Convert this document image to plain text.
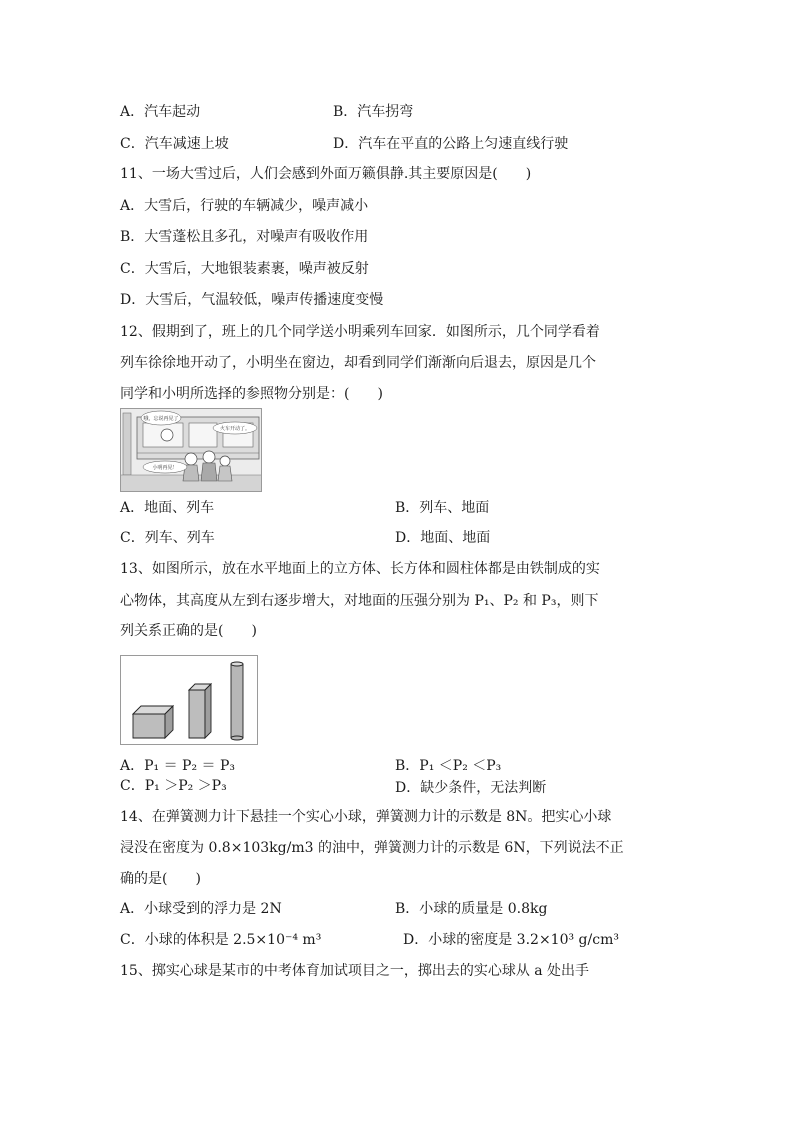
A．汽车起动	B．汽车拐弯
C．汽车减速上坡	D．汽车在平直的公路上匀速直线行驶
11、一场大雪过后，人们会感到外面万籁俱静.其主要原因是(　　)
A．大雪后，行驶的车辆减少，噪声减小
B．大雪蓬松且多孔，对噪声有吸收作用
C．大雪后，大地银装素裹，噪声被反射
D．大雪后，气温较低，噪声传播速度变慢
12、假期到了，班上的几个同学送小明乘列车回家．如图所示，几个同学看着
列车徐徐地开动了，小明坐在窗边，却看到同学们渐渐向后退去，原因是几个
同学和小明所选择的参照物分别是：(　　)
哦，忘说再见了
火车开动了。
小明再见！
A．地面、列车	B．列车、地面
C．列车、列车	D．地面、地面
13、如图所示，放在水平地面上的立方体、长方体和圆柱体都是由铁制成的实
心物体，其高度从左到右逐步增大，对地面的压强分别为 P₁、P₂ 和 P₃，则下
列关系正确的是(　　)
A．P₁ ＝ P₂ ＝ P₃	B．P₁ ＜P₂ ＜P₃
C．P₁ ＞P₂ ＞P₃	D．缺少条件，无法判断
14、在弹簧测力计下悬挂一个实心小球，弹簧测力计的示数是 8N。把实心小球
浸没在密度为 0.8×103kg/m3 的油中，弹簧测力计的示数是 6N，下列说法不正
确的是(　　)
A．小球受到的浮力是 2N	B．小球的质量是 0.8kg
C．小球的体积是 2.5×10⁻⁴ m³	D．小球的密度是 3.2×10³ g/cm³
15、掷实心球是某市的中考体育加试项目之一，掷出去的实心球从 a 处出手
